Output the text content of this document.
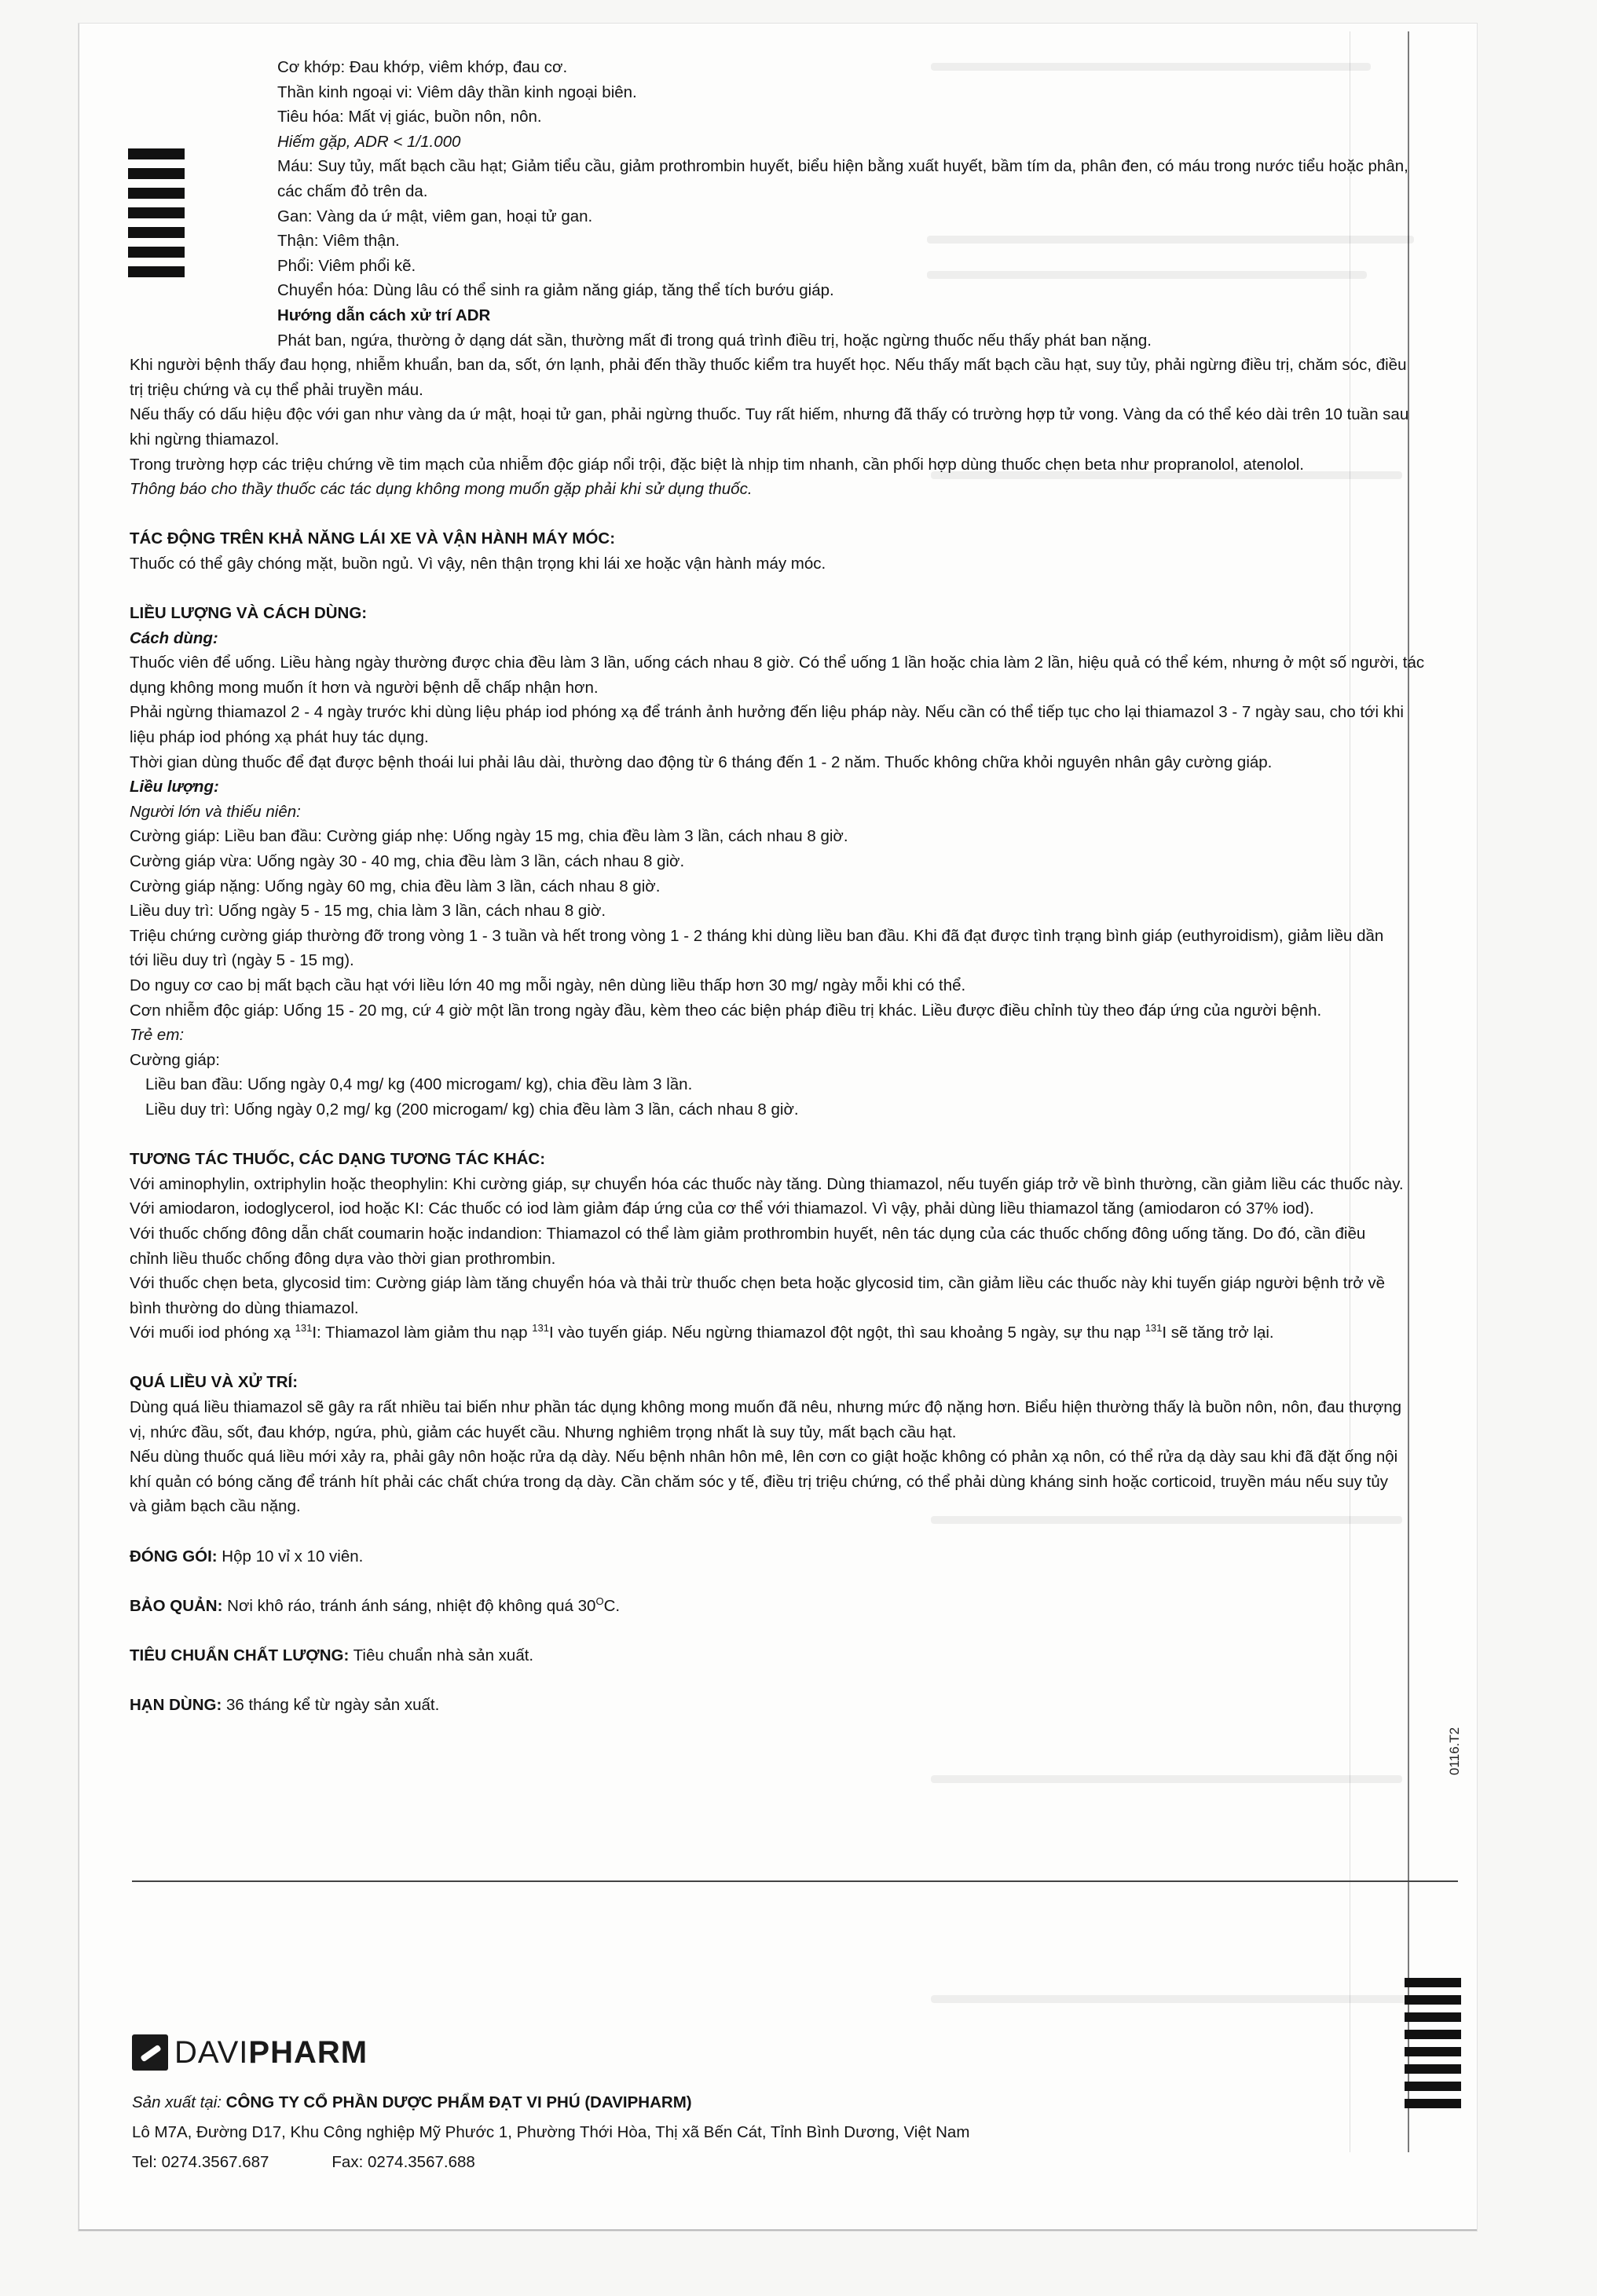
Cơ khớp: Đau khớp, viêm khớp, đau cơ.

Thần kinh ngoại vi: Viêm dây thần kinh ngoại biên.

Tiêu hóa: Mất vị giác, buồn nôn, nôn.

Hiếm gặp, ADR < 1/1.000

Máu: Suy tủy, mất bạch cầu hạt; Giảm tiểu cầu, giảm prothrombin huyết, biểu hiện bằng xuất huyết, bầm tím da, phân đen, có máu trong nước tiểu hoặc phân,

các chấm đỏ trên da.

Gan: Vàng da ứ mật, viêm gan, hoại tử gan.

Thận: Viêm thận.

Phổi: Viêm phổi kẽ.

Chuyển hóa: Dùng lâu có thể sinh ra giảm năng giáp, tăng thể tích bướu giáp.

Hướng dẫn cách xử trí ADR

Phát ban, ngứa, thường ở dạng dát sần, thường mất đi trong quá trình điều trị, hoặc ngừng thuốc nếu thấy phát ban nặng.

Khi người bệnh thấy đau họng, nhiễm khuẩn, ban da, sốt, ớn lạnh, phải đến thầy thuốc kiểm tra huyết học. Nếu thấy mất bạch cầu hạt, suy tủy, phải ngừng điều trị, chăm sóc, điều

trị triệu chứng và cụ thể phải truyền máu.

Nếu thấy có dấu hiệu độc với gan như vàng da ứ mật, hoại tử gan, phải ngừng thuốc. Tuy rất hiếm, nhưng đã thấy có trường hợp tử vong. Vàng da có thể kéo dài trên 10 tuần sau

khi ngừng thiamazol.

Trong trường hợp các triệu chứng về tim mạch của nhiễm độc giáp nổi trội, đặc biệt là nhịp tim nhanh, cần phối hợp dùng thuốc chẹn beta như propranolol, atenolol.

Thông báo cho thầy thuốc các tác dụng không mong muốn gặp phải khi sử dụng thuốc.

TÁC ĐỘNG TRÊN KHẢ NĂNG LÁI XE VÀ VẬN HÀNH MÁY MÓC:

Thuốc có thể gây chóng mặt, buồn ngủ. Vì vậy, nên thận trọng khi lái xe hoặc vận hành máy móc.

LIỀU LƯỢNG VÀ CÁCH DÙNG:

Cách dùng:

Thuốc viên để uống. Liều hàng ngày thường được chia đều làm 3 lần, uống cách nhau 8 giờ. Có thể uống 1 lần hoặc chia làm 2 lần, hiệu quả có thể kém, nhưng ở một số người, tác

dụng không mong muốn ít hơn và người bệnh dễ chấp nhận hơn.

Phải ngừng thiamazol 2 - 4 ngày trước khi dùng liệu pháp iod phóng xạ để tránh ảnh hưởng đến liệu pháp này. Nếu cần có thể tiếp tục cho lại thiamazol 3 - 7 ngày sau, cho tới khi

liệu pháp iod phóng xạ phát huy tác dụng.

Thời gian dùng thuốc để đạt được bệnh thoái lui phải lâu dài, thường dao động từ 6 tháng đến 1 - 2 năm. Thuốc không chữa khỏi nguyên nhân gây cường giáp.

Liều lượng:

Người lớn và thiếu niên:

Cường giáp: Liều ban đầu: Cường giáp nhẹ: Uống ngày 15 mg, chia đều làm 3 lần, cách nhau 8 giờ.

Cường giáp vừa: Uống ngày 30 - 40 mg, chia đều làm 3 lần, cách nhau 8 giờ.

Cường giáp nặng: Uống ngày 60 mg, chia đều làm 3 lần, cách nhau 8 giờ.

Liều duy trì: Uống ngày 5 - 15 mg, chia làm 3 lần, cách nhau 8 giờ.

Triệu chứng cường giáp thường đỡ trong vòng 1 - 3 tuần và hết trong vòng 1 - 2 tháng khi dùng liều ban đầu. Khi đã đạt được tình trạng bình giáp (euthyroidism), giảm liều dần

tới liều duy trì (ngày 5 - 15 mg).

Do nguy cơ cao bị mất bạch cầu hạt với liều lớn 40 mg mỗi ngày, nên dùng liều thấp hơn 30 mg/ ngày mỗi khi có thể.

Cơn nhiễm độc giáp: Uống 15 - 20 mg, cứ 4 giờ một lần trong ngày đầu, kèm theo các biện pháp điều trị khác. Liều được điều chỉnh tùy theo đáp ứng của người bệnh.

Trẻ em:

Cường giáp:

Liều ban đầu: Uống ngày 0,4 mg/ kg (400 microgam/ kg), chia đều làm 3 lần.

Liều duy trì: Uống ngày 0,2 mg/ kg (200 microgam/ kg) chia đều làm 3 lần, cách nhau 8 giờ.

TƯƠNG TÁC THUỐC, CÁC DẠNG TƯƠNG TÁC KHÁC:

Với aminophylin, oxtriphylin hoặc theophylin: Khi cường giáp, sự chuyển hóa các thuốc này tăng. Dùng thiamazol, nếu tuyến giáp trở về bình thường, cần giảm liều các thuốc này.

Với amiodaron, iodoglycerol, iod hoặc KI: Các thuốc có iod làm giảm đáp ứng của cơ thể với thiamazol. Vì vậy, phải dùng liều thiamazol tăng (amiodaron có 37% iod).

Với thuốc chống đông dẫn chất coumarin hoặc indandion: Thiamazol có thể làm giảm prothrombin huyết, nên tác dụng của các thuốc chống đông uống tăng. Do đó, cần điều

chỉnh liều thuốc chống đông dựa vào thời gian prothrombin.

Với thuốc chẹn beta, glycosid tim: Cường giáp làm tăng chuyển hóa và thải trừ thuốc chẹn beta hoặc glycosid tim, cần giảm liều các thuốc này khi tuyến giáp người bệnh trở về

bình thường do dùng thiamazol.

Với muối iod phóng xạ $^{131}$I: Thiamazol làm giảm thu nạp $^{131}$I vào tuyến giáp. Nếu ngừng thiamazol đột ngột, thì sau khoảng 5 ngày, sự thu nạp $^{131}$I sẽ tăng trở lại.

QUÁ LIỀU VÀ XỬ TRÍ:

Dùng quá liều thiamazol sẽ gây ra rất nhiều tai biến như phần tác dụng không mong muốn đã nêu, nhưng mức độ nặng hơn. Biểu hiện thường thấy là buồn nôn, nôn, đau thượng

vị, nhức đầu, sốt, đau khớp, ngứa, phù, giảm các huyết cầu. Nhưng nghiêm trọng nhất là suy tủy, mất bạch cầu hạt.

Nếu dùng thuốc quá liều mới xảy ra, phải gây nôn hoặc rửa dạ dày. Nếu bệnh nhân hôn mê, lên cơn co giật hoặc không có phản xạ nôn, có thể rửa dạ dày sau khi đã đặt ống nội

khí quản có bóng căng để tránh hít phải các chất chứa trong dạ dày. Cần chăm sóc y tế, điều trị triệu chứng, có thể phải dùng kháng sinh hoặc corticoid, truyền máu nếu suy tủy

và giảm bạch cầu nặng.

ĐÓNG GÓI: Hộp 10 vỉ x 10 viên.

BẢO QUẢN: Nơi khô ráo, tránh ánh sáng, nhiệt độ không quá $30^OC$.

TIÊU CHUẨN CHẤT LƯỢNG: Tiêu chuẩn nhà sản xuất.

HẠN DÙNG: 36 tháng kể từ ngày sản xuất.

0116.T2
DAVIPHARM

Sản xuất tại: CÔNG TY CỔ PHẦN DƯỢC PHẨM ĐẠT VI PHÚ (DAVIPHARM)

Lô M7A, Đường D17, Khu Công nghiệp Mỹ Phước 1, Phường Thới Hòa, Thị xã Bến Cát, Tỉnh Bình Dương, Việt Nam

Tel: 0274.3567.687	Fax: 0274.3567.688
